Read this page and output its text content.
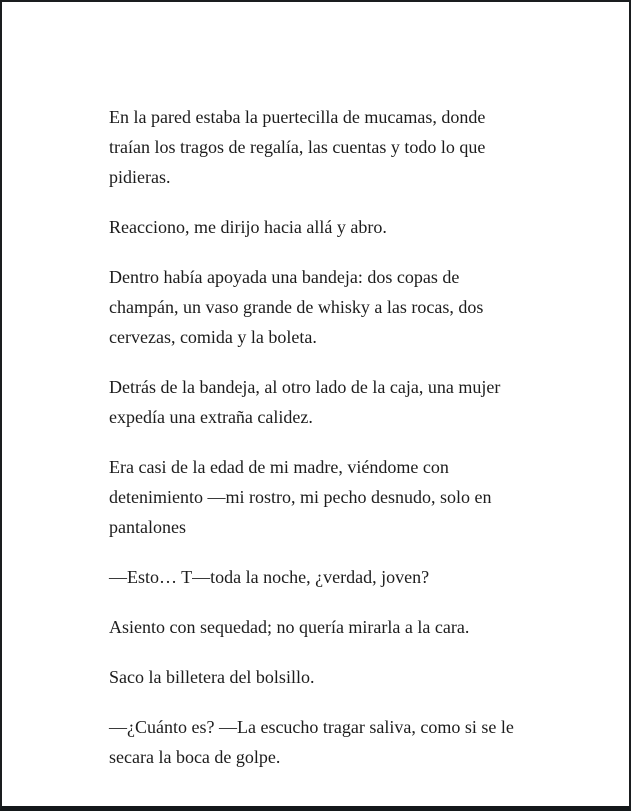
En la pared estaba la puertecilla de mucamas, donde
traían los tragos de regalía, las cuentas y todo lo que
pidieras.

Reacciono, me dirijo hacia allá y abro.

Dentro había apoyada una bandeja: dos copas de
champán, un vaso grande de whisky a las rocas, dos
cervezas, comida y la boleta.

Detrás de la bandeja, al otro lado de la caja, una mujer
expedía una extraña calidez.

Era casi de la edad de mi madre, viéndome con
detenimiento —mi rostro, mi pecho desnudo, solo en
pantalones

—Esto… T—toda la noche, ¿verdad, joven?

Asiento con sequedad; no quería mirarla a la cara.

Saco la billetera del bolsillo.

—¿Cuánto es? —La escucho tragar saliva, como si se le
secara la boca de golpe.
